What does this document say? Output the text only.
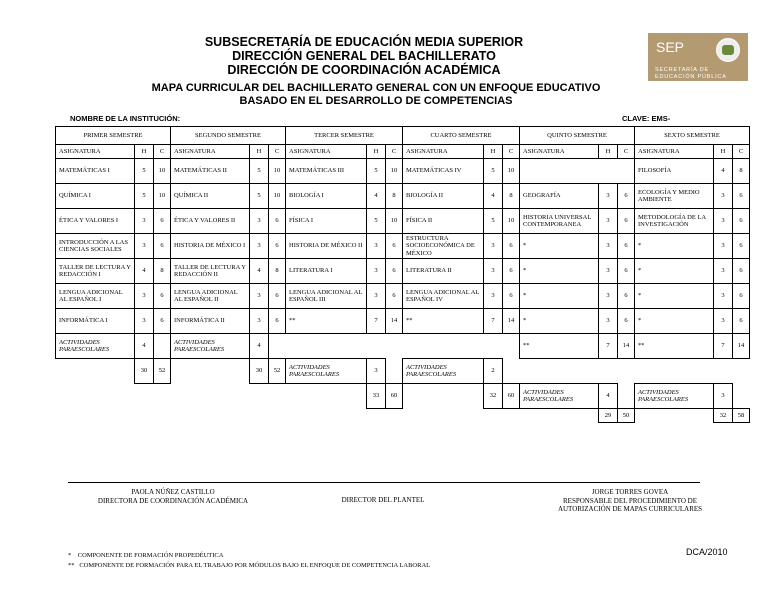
SUBSECRETARÍA DE EDUCACIÓN MEDIA SUPERIOR
DIRECCIÓN GENERAL DEL BACHILLERATO
DIRECCIÓN DE COORDINACIÓN ACADÉMICA
MAPA CURRICULAR DEL BACHILLERATO GENERAL CON UN ENFOQUE EDUCATIVO
BASADO EN EL DESARROLLO DE COMPETENCIAS
SEP
SECRETARÍA DE
EDUCACIÓN PÚBLICA
NOMBRE DE LA INSTITUCIÓN:	CLAVE: EMS-
PRIMER SEMESTRE			SEGUNDO SEMESTRE			TERCER SEMESTRE			CUARTO SEMESTRE			QUINTO SEMESTRE			SEXTO SEMESTRE		
ASIGNATURA	H	C	ASIGNATURA	H	C	ASIGNATURA	H	C	ASIGNATURA	H	C	ASIGNATURA	H	C	ASIGNATURA	H	C
MATEMÁTICAS I	5	10	MATEMÁTICAS II	5	10	MATEMÁTICAS III	5	10	MATEMÁTICAS IV	5	10				FILOSOFÍA	4	8
QUÍMICA I	5	10	QUÍMICA II	5	10	BIOLOGÍA I	4	8	BIOLOGÍA II	4	8	GEOGRAFÍA	3	6	ECOLOGÍA Y MEDIO AMBIENTE	3	6
ÉTICA Y VALORES I	3	6	ÉTICA Y VALORES II	3	6	FÍSICA I	5	10	FÍSICA II	5	10	HISTORIA UNIVERSAL CONTEMPORANEA	3	6	METODOLOGÍA DE LA INVESTIGACIÓN	3	6
INTRODUCCIÓN A LAS CIENCIAS SOCIALES	3	6	HISTORIA DE MÉXICO I	3	6	HISTORIA DE MÉXICO II	3	6	ESTRUCTURA SOCIOECONÓMICA DE MÉXICO	3	6	*	3	6	*	3	6
TALLER DE LECTURA Y REDACCIÓN I	4	8	TALLER DE LECTURA Y REDACCIÓN II	4	8	LITERATURA I	3	6	LITERATURA II	3	6	*	3	6	*	3	6
LENGUA ADICIONAL AL ESPAÑOL I	3	6	LENGUA ADICIONAL AL ESPAÑOL II	3	6	LENGUA ADICIONAL AL ESPAÑOL III	3	6	LENGUA ADICIONAL AL ESPAÑOL IV	3	6	*	3	6	*	3	6
INFORMÁTICA I	3	6	INFORMÁTICA II	3	6	**	7	14	**	7	14	*	3	6	*	3	6
ACTIVIDADES PARAESCOLARES	4		ACTIVIDADES PARAESCOLARES	4								**	7	14	**	7	14
	30	52		30	52	ACTIVIDADES PARAESCOLARES	3		ACTIVIDADES PARAESCOLARES	2							
							33	60		32	60	ACTIVIDADES PARAESCOLARES	4		ACTIVIDADES PARAESCOLARES	3	
													29	50		32	58
PAOLA NÚÑEZ CASTILLO
DIRECTORA DE COORDINACIÓN ACADÉMICA	DIRECTOR DEL PLANTEL
JORGE TORRES GOVEA
RESPONSABLE DEL PROCEDIMIENTO DE
AUTORIZACIÓN DE MAPAS CURRICULARES
*    COMPONENTE DE FORMACIÓN PROPEDÉUTICA
**   COMPONENTE DE FORMACIÓN PARA EL TRABAJO POR MÓDULOS BAJO EL ENFOQUE DE COMPETENCIA LABORAL
DCA/2010
